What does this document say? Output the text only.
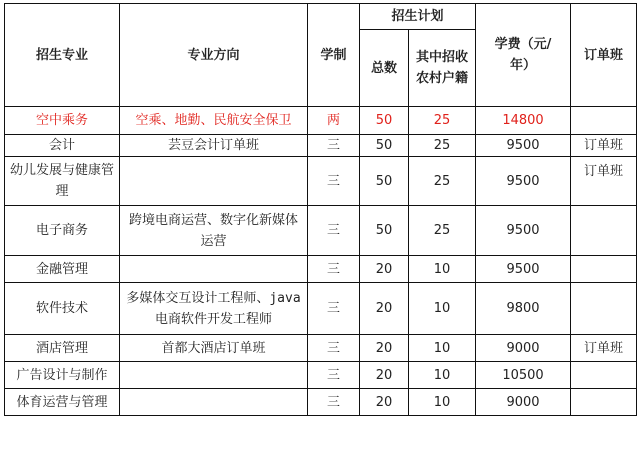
招生专业	专业方向	学制	招生计划		学费（元/年）	订单班
			总数	其中招收农村户籍		
空中乘务	空乘、地勤、民航安全保卫	两	50	25	14800	
会计	芸豆会计订单班	三	50	25	9500	订单班
幼儿发展与健康管理		三	50	25	9500	订单班
电子商务	跨境电商运营、数字化新媒体运营	三	50	25	9500	
金融管理		三	20	10	9500	
软件技术	多媒体交互设计工程师、java 电商软件开发工程师	三	20	10	9800	
酒店管理	首都大酒店订单班	三	20	10	9000	订单班
广告设计与制作		三	20	10	10500	
体育运营与管理		三	20	10	9000	
